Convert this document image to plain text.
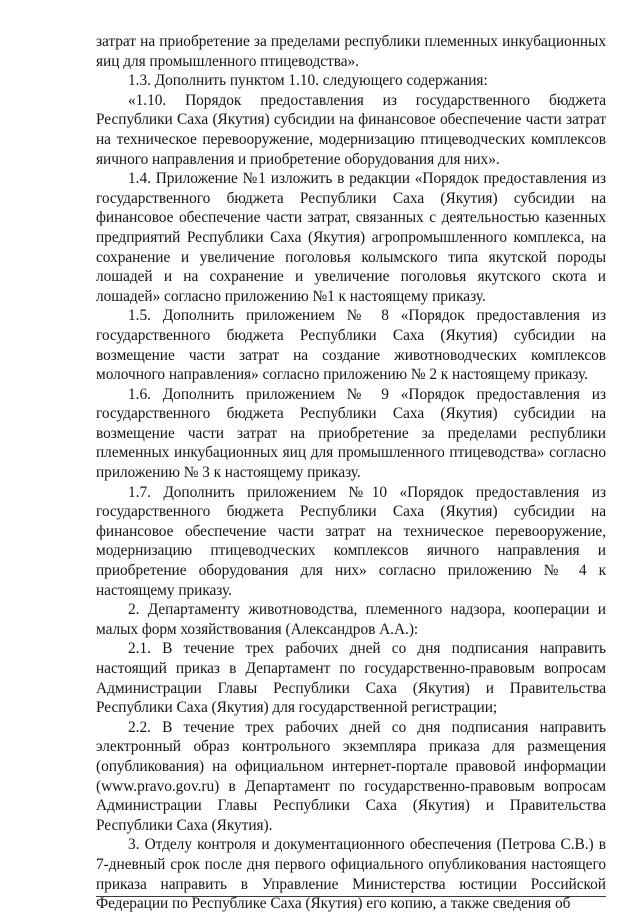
затрат на приобретение за пределами республики племенных инкубационных яиц для промышленного птицеводства».

1.3. Дополнить пунктом 1.10. следующего содержания:

«1.10. Порядок предоставления из государственного бюджета Республики Саха (Якутия) субсидии на финансовое обеспечение части затрат на техническое перевооружение, модернизацию птицеводческих комплексов яичного направления и приобретение оборудования для них».

1.4. Приложение №1 изложить в редакции «Порядок предоставления из государственного бюджета Республики Саха (Якутия) субсидии на финансовое обеспечение части затрат, связанных с деятельностью казенных предприятий Республики Саха (Якутия) агропромышленного комплекса, на сохранение и увеличение поголовья колымского типа якутской породы лошадей и на сохранение и увеличение поголовья якутского скота и лошадей» согласно приложению №1 к настоящему приказу.

1.5. Дополнить приложением № 8 «Порядок предоставления из государственного бюджета Республики Саха (Якутия) субсидии на возмещение части затрат на создание животноводческих комплексов молочного направления» согласно приложению № 2 к настоящему приказу.

1.6. Дополнить приложением № 9 «Порядок предоставления из государственного бюджета Республики Саха (Якутия) субсидии на возмещение части затрат на приобретение за пределами республики племенных инкубационных яиц для промышленного птицеводства» согласно приложению № 3 к настоящему приказу.

1.7. Дополнить приложением №10 «Порядок предоставления из государственного бюджета Республики Саха (Якутия) субсидии на финансовое обеспечение части затрат на техническое перевооружение, модернизацию птицеводческих комплексов яичного направления и приобретение оборудования для них» согласно приложению № 4 к настоящему приказу.

2. Департаменту животноводства, племенного надзора, кооперации и малых форм хозяйствования (Александров А.А.):

2.1. В течение трех рабочих дней со дня подписания направить настоящий приказ в Департамент по государственно-правовым вопросам Администрации Главы Республики Саха (Якутия) и Правительства Республики Саха (Якутия) для государственной регистрации;

2.2. В течение трех рабочих дней со дня подписания направить электронный образ контрольного экземпляра приказа для размещения (опубликования) на официальном интернет-портале правовой информации (www.pravo.gov.ru) в Департамент по государственно-правовым вопросам Администрации Главы Республики Саха (Якутия) и Правительства Республики Саха (Якутия).

3. Отделу контроля и документационного обеспечения (Петрова С.В.) в 7-дневный срок после дня первого официального опубликования настоящего приказа направить в Управление Министерства юстиции Российской Федерации по Республике Саха (Якутия) его копию, а также сведения об
